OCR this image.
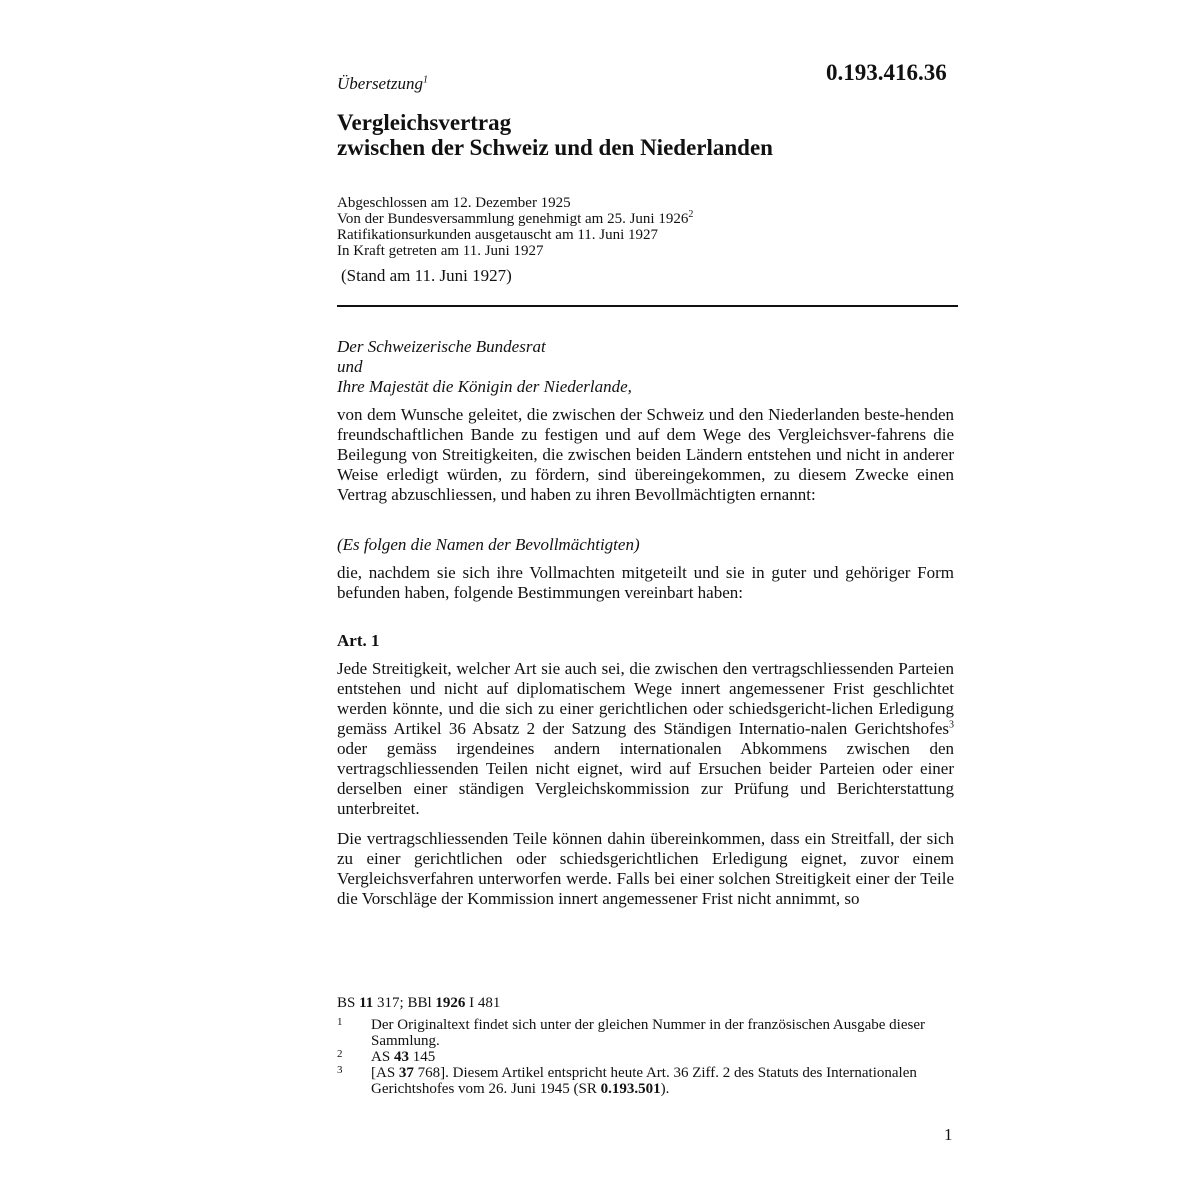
Übersetzung$^1$	0.193.416.36
Vergleichsvertrag
zwischen der Schweiz und den Niederlanden
Abgeschlossen am 12. Dezember 1925
Von der Bundesversammlung genehmigt am 25. Juni 1926$^2$
Ratifikationsurkunden ausgetauscht am 11. Juni 1927
In Kraft getreten am 11. Juni 1927
(Stand am 11. Juni 1927)
Der Schweizerische Bundesrat
und
Ihre Majestät die Königin der Niederlande,
von dem Wunsche geleitet, die zwischen der Schweiz und den Niederlanden beste-henden freundschaftlichen Bande zu festigen und auf dem Wege des Vergleichsver-fahrens die Beilegung von Streitigkeiten, die zwischen beiden Ländern entstehen und nicht in anderer Weise erledigt würden, zu fördern, sind übereingekommen, zu diesem Zwecke einen Vertrag abzuschliessen, und haben zu ihren Bevollmächtigten ernannt:
(Es folgen die Namen der Bevollmächtigten)
die, nachdem sie sich ihre Vollmachten mitgeteilt und sie in guter und gehöriger Form befunden haben, folgende Bestimmungen vereinbart haben:
Art. 1
Jede Streitigkeit, welcher Art sie auch sei, die zwischen den vertragschliessenden Parteien entstehen und nicht auf diplomatischem Wege innert angemessener Frist geschlichtet werden könnte, und die sich zu einer gerichtlichen oder schiedsgericht-lichen Erledigung gemäss Artikel 36 Absatz 2 der Satzung des Ständigen Internatio-nalen Gerichtshofes$^3$ oder gemäss irgendeines andern internationalen Abkommens zwischen den vertragschliessenden Teilen nicht eignet, wird auf Ersuchen beider Parteien oder einer derselben einer ständigen Vergleichskommission zur Prüfung und Berichterstattung unterbreitet.
Die vertragschliessenden Teile können dahin übereinkommen, dass ein Streitfall, der sich zu einer gerichtlichen oder schiedsgerichtlichen Erledigung eignet, zuvor einem Vergleichsverfahren unterworfen werde. Falls bei einer solchen Streitigkeit einer der Teile die Vorschläge der Kommission innert angemessener Frist nicht annimmt, so
BS 11 317; BBl 1926 I 481
1 Der Originaltext findet sich unter der gleichen Nummer in der französischen Ausgabe dieser Sammlung.
2 AS 43 145
3 [AS 37 768]. Diesem Artikel entspricht heute Art. 36 Ziff. 2 des Statuts des Internationalen Gerichtshofes vom 26. Juni 1945 (SR 0.193.501).
1
